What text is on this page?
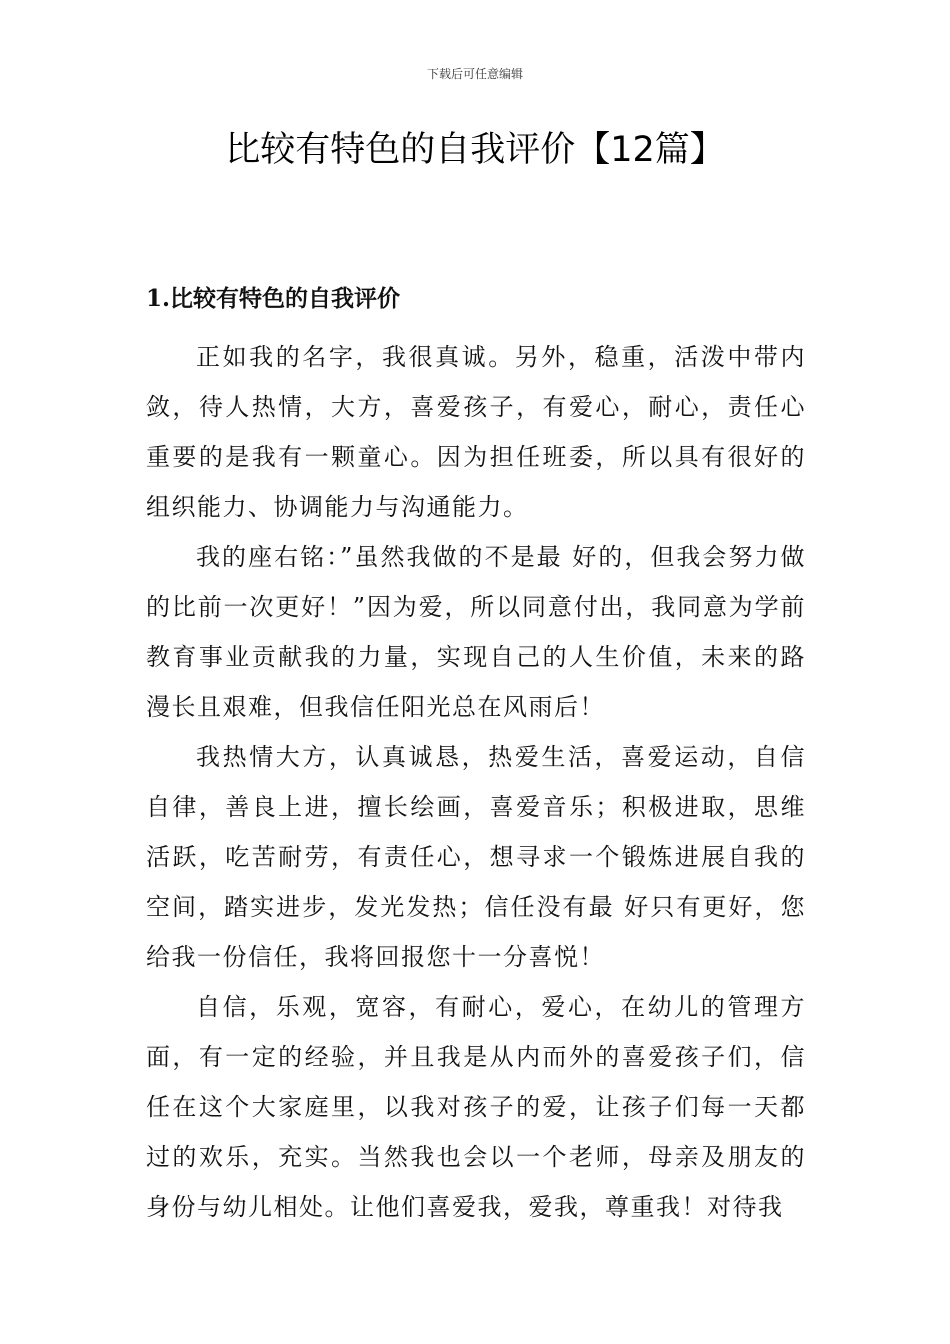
下载后可任意编辑
比较有特色的自我评价【12篇】
1.比较有特色的自我评价

正如我的名字，我很真诚。另外，稳重，活泼中带内敛，待人热情，大方，喜爱孩子，有爱心，耐心，责任心重要的是我有一颗童心。因为担任班委，所以具有很好的组织能力、协调能力与沟通能力。

我的座右铭：”虽然我做的不是最 好的，但我会努力做的比前一次更好！”因为爱，所以同意付出，我同意为学前教育事业贡献我的力量，实现自己的人生价值，未来的路漫长且艰难，但我信任阳光总在风雨后！

我热情大方，认真诚恳，热爱生活，喜爱运动，自信自律，善良上进，擅长绘画，喜爱音乐；积极进取，思维活跃，吃苦耐劳，有责任心，想寻求一个锻炼进展自我的空间，踏实进步，发光发热；信任没有最 好只有更好，您给我一份信任，我将回报您十一分喜悦！

自信，乐观，宽容，有耐心，爱心，在幼儿的管理方面，有一定的经验，并且我是从内而外的喜爱孩子们，信任在这个大家庭里，以我对孩子的爱，让孩子们每一天都过的欢乐，充实。当然我也会以一个老师，母亲及朋友的身份与幼儿相处。让他们喜爱我，爱我，尊重我！对待我
